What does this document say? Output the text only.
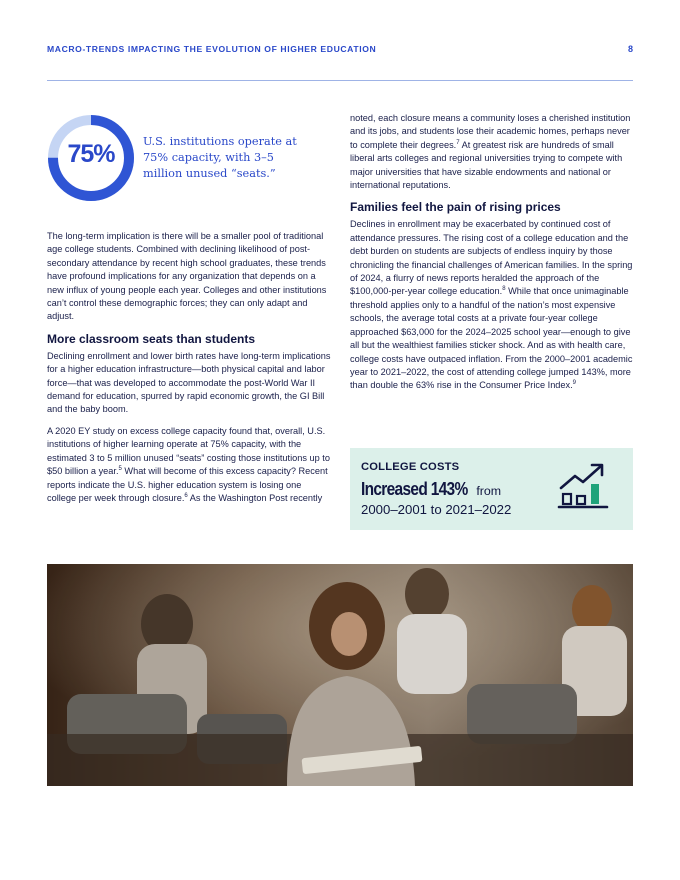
MACRO-TRENDS IMPACTING THE EVOLUTION OF HIGHER EDUCATION	8
75%	U.S. institutions operate at 75% capacity, with 3–5 million unused “seats.”

The long-term implication is there will be a smaller pool of traditional age college students. Combined with declining likelihood of post-secondary attendance by recent high school graduates, these trends have profound implications for any organization that depends on a new influx of young people each year. Colleges and other institutions can’t control these demographic forces; they can only adapt and adjust.

More classroom seats than students

Declining enrollment and lower birth rates have long-term implications for a higher education infrastructure—both physical capital and labor force—that was developed to accommodate the post-World War II demand for education, spurred by rapid economic growth, the GI Bill and the baby boom.

A 2020 EY study on excess college capacity found that, overall, U.S. institutions of higher learning operate at 75% capacity, with the estimated 3 to 5 million unused “seats” costing those institutions up to $50 billion a year.$^5$ What will become of this excess capacity? Recent reports indicate the U.S. higher education system is losing one college per week through closure.$^6$ As the Washington Post recently

noted, each closure means a community loses a cherished institution and its jobs, and students lose their academic homes, perhaps never to complete their degrees.$^7$ At greatest risk are hundreds of small liberal arts colleges and regional universities trying to compete with major universities that have sizable endowments and national or international reputations.

Families feel the pain of rising prices

Declines in enrollment may be exacerbated by continued cost of attendance pressures. The rising cost of a college education and the debt burden on students are subjects of endless inquiry by those chronicling the financial challenges of American families. In the spring of 2024, a flurry of news reports heralded the approach of the $100,000-per-year college education.$^8$ While that once unimaginable threshold applies only to a handful of the nation’s most expensive schools, the average total costs at a private four-year college approached $63,000 for the 2024–2025 school year—enough to give all but the wealthiest families sticker shock. And as with health care, college costs have outpaced inflation. From the 2000–2001 academic year to 2021–2022, the cost of attending college jumped 143%, more than double the 63% rise in the Consumer Price Index.$^9$

COLLEGE COSTS
Increased 143% from
2000–2001 to 2021–2022
